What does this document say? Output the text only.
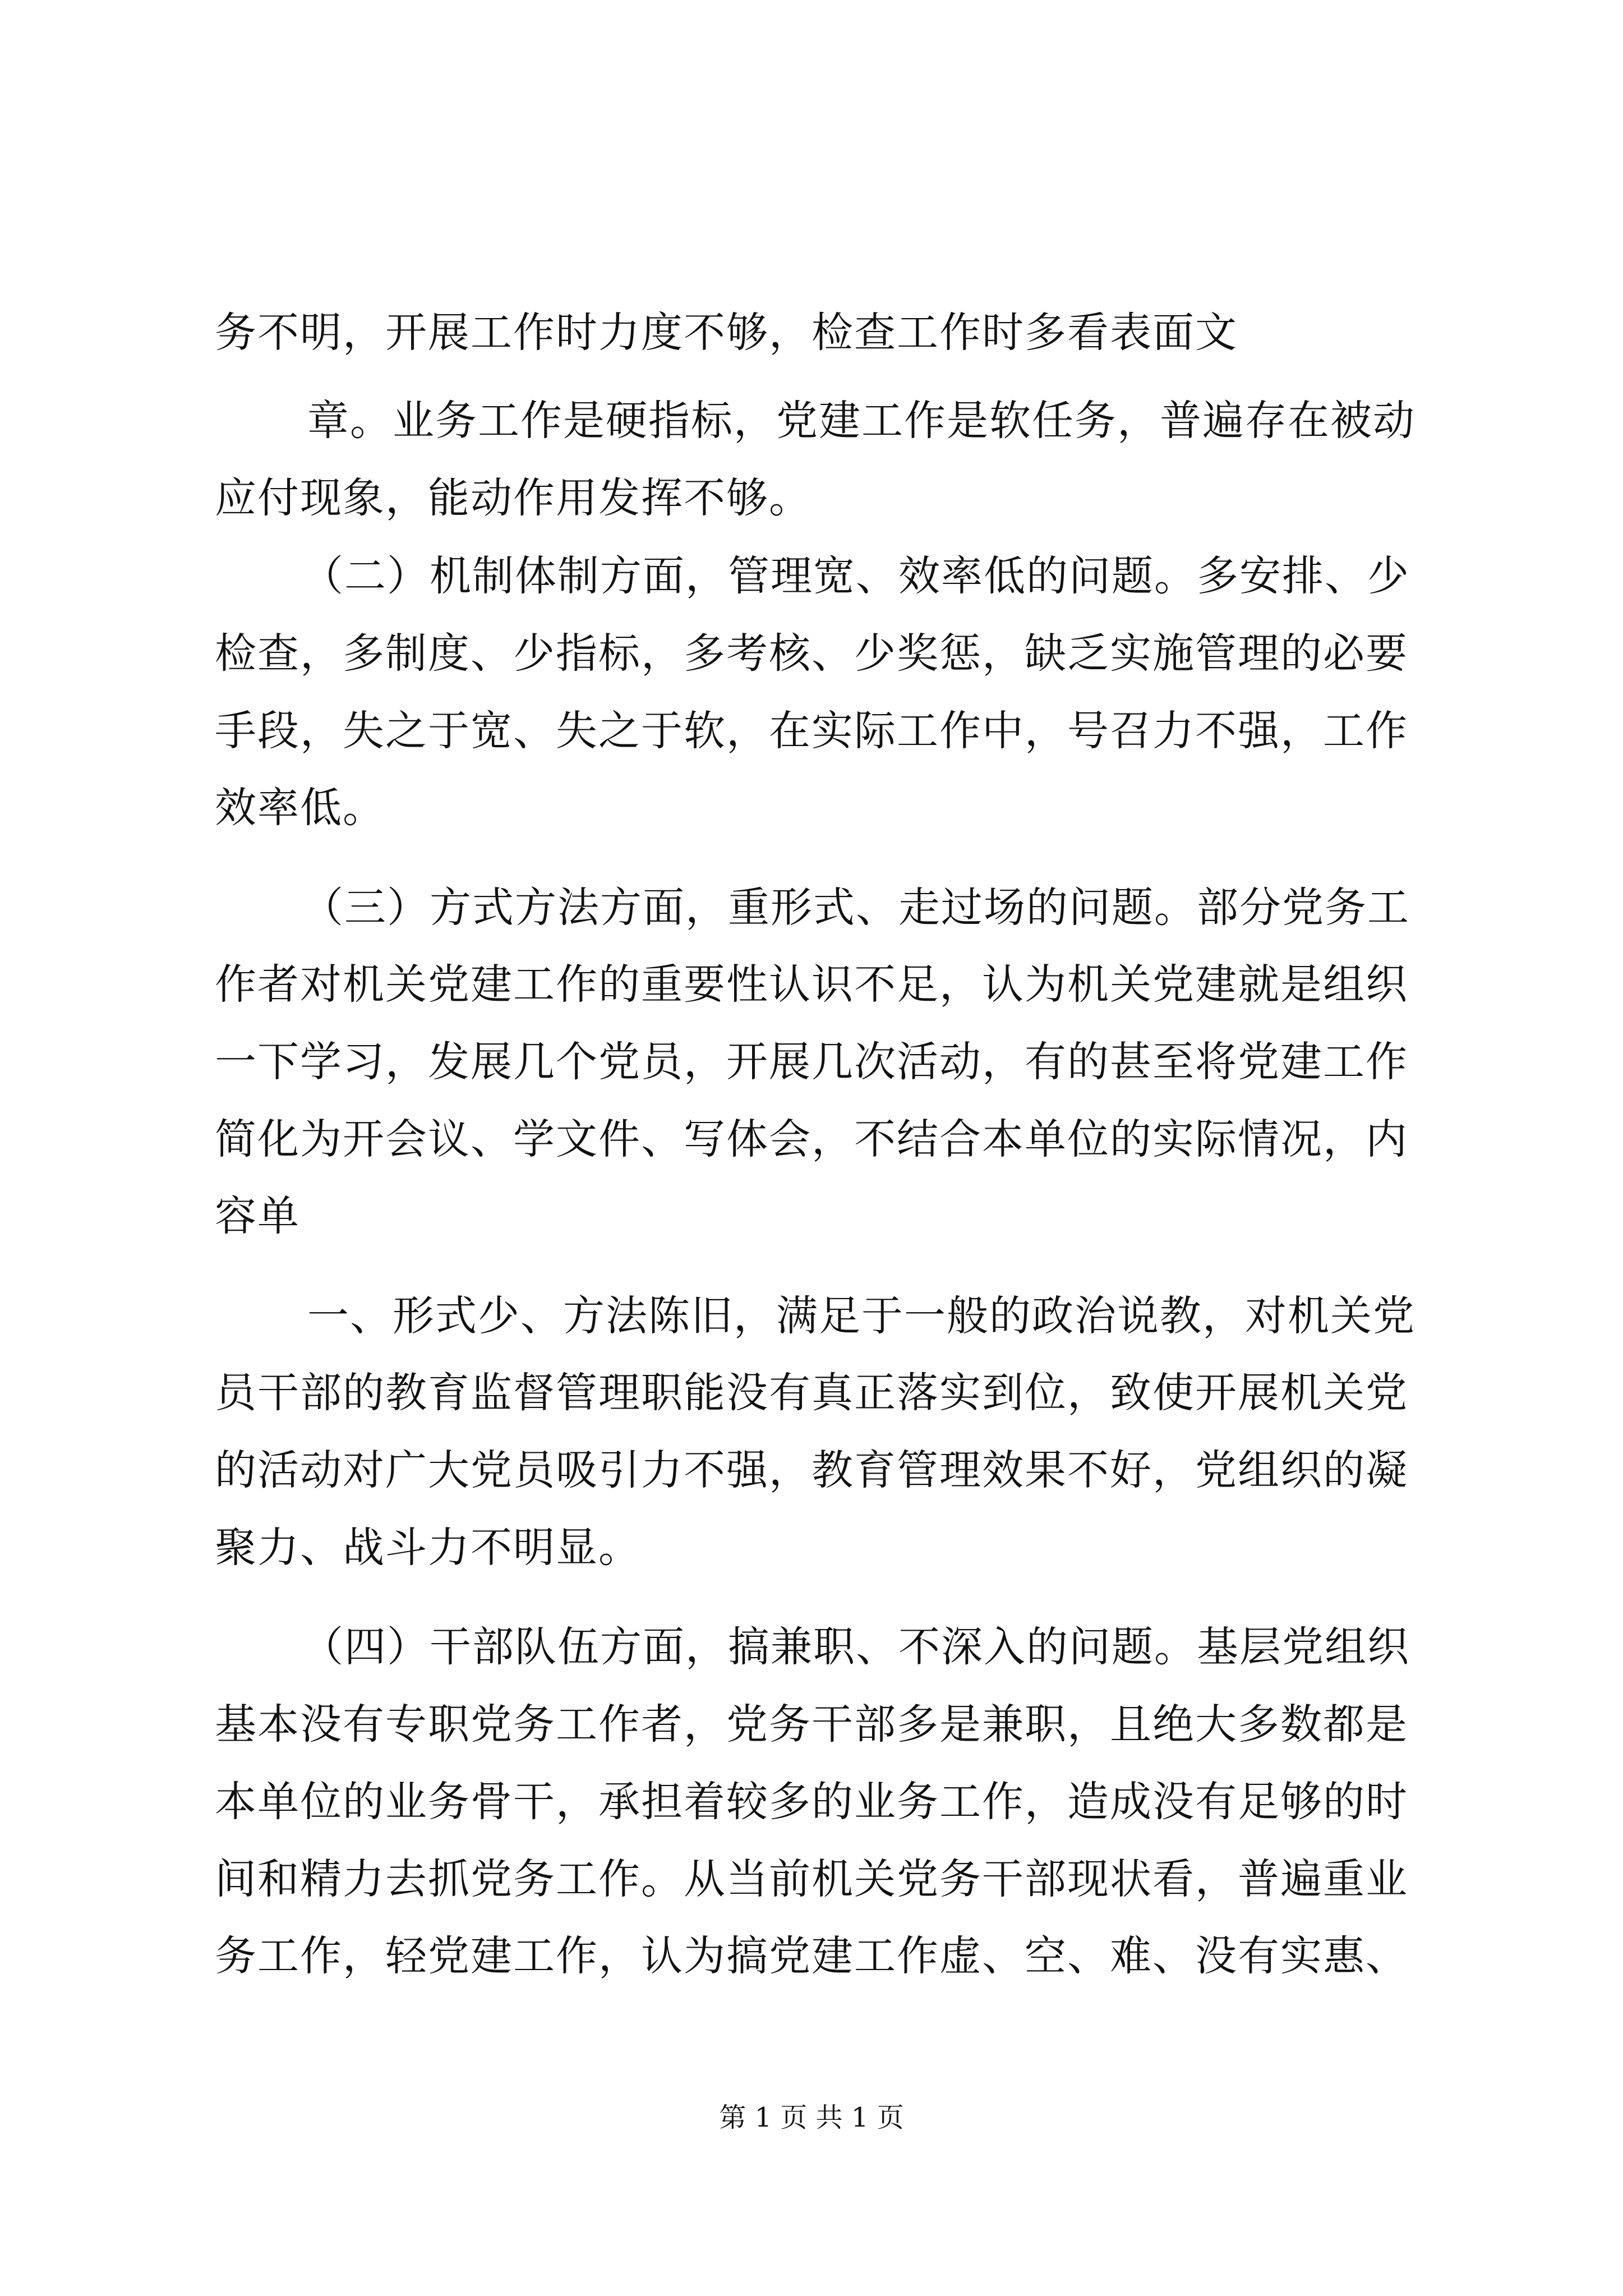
务不明，开展工作时力度不够，检查工作时多看表面文

章。业务工作是硬指标，党建工作是软任务，普遍存在被动

应付现象，能动作用发挥不够。

（二）机制体制方面，管理宽、效率低的问题。多安排、少

检查，多制度、少指标，多考核、少奖惩，缺乏实施管理的必要

手段，失之于宽、失之于软，在实际工作中，号召力不强，工作

效率低。

（三）方式方法方面，重形式、走过场的问题。部分党务工

作者对机关党建工作的重要性认识不足，认为机关党建就是组织

一下学习，发展几个党员，开展几次活动，有的甚至将党建工作

简化为开会议、学文件、写体会，不结合本单位的实际情况，内

容单

一、形式少、方法陈旧，满足于一般的政治说教，对机关党

员干部的教育监督管理职能没有真正落实到位，致使开展机关党

的活动对广大党员吸引力不强，教育管理效果不好，党组织的凝

聚力、战斗力不明显。

（四）干部队伍方面，搞兼职、不深入的问题。基层党组织

基本没有专职党务工作者，党务干部多是兼职，且绝大多数都是

本单位的业务骨干，承担着较多的业务工作，造成没有足够的时

间和精力去抓党务工作。从当前机关党务干部现状看，普遍重业

务工作，轻党建工作，认为搞党建工作虚、空、难、没有实惠、

第 1 页 共 1 页
